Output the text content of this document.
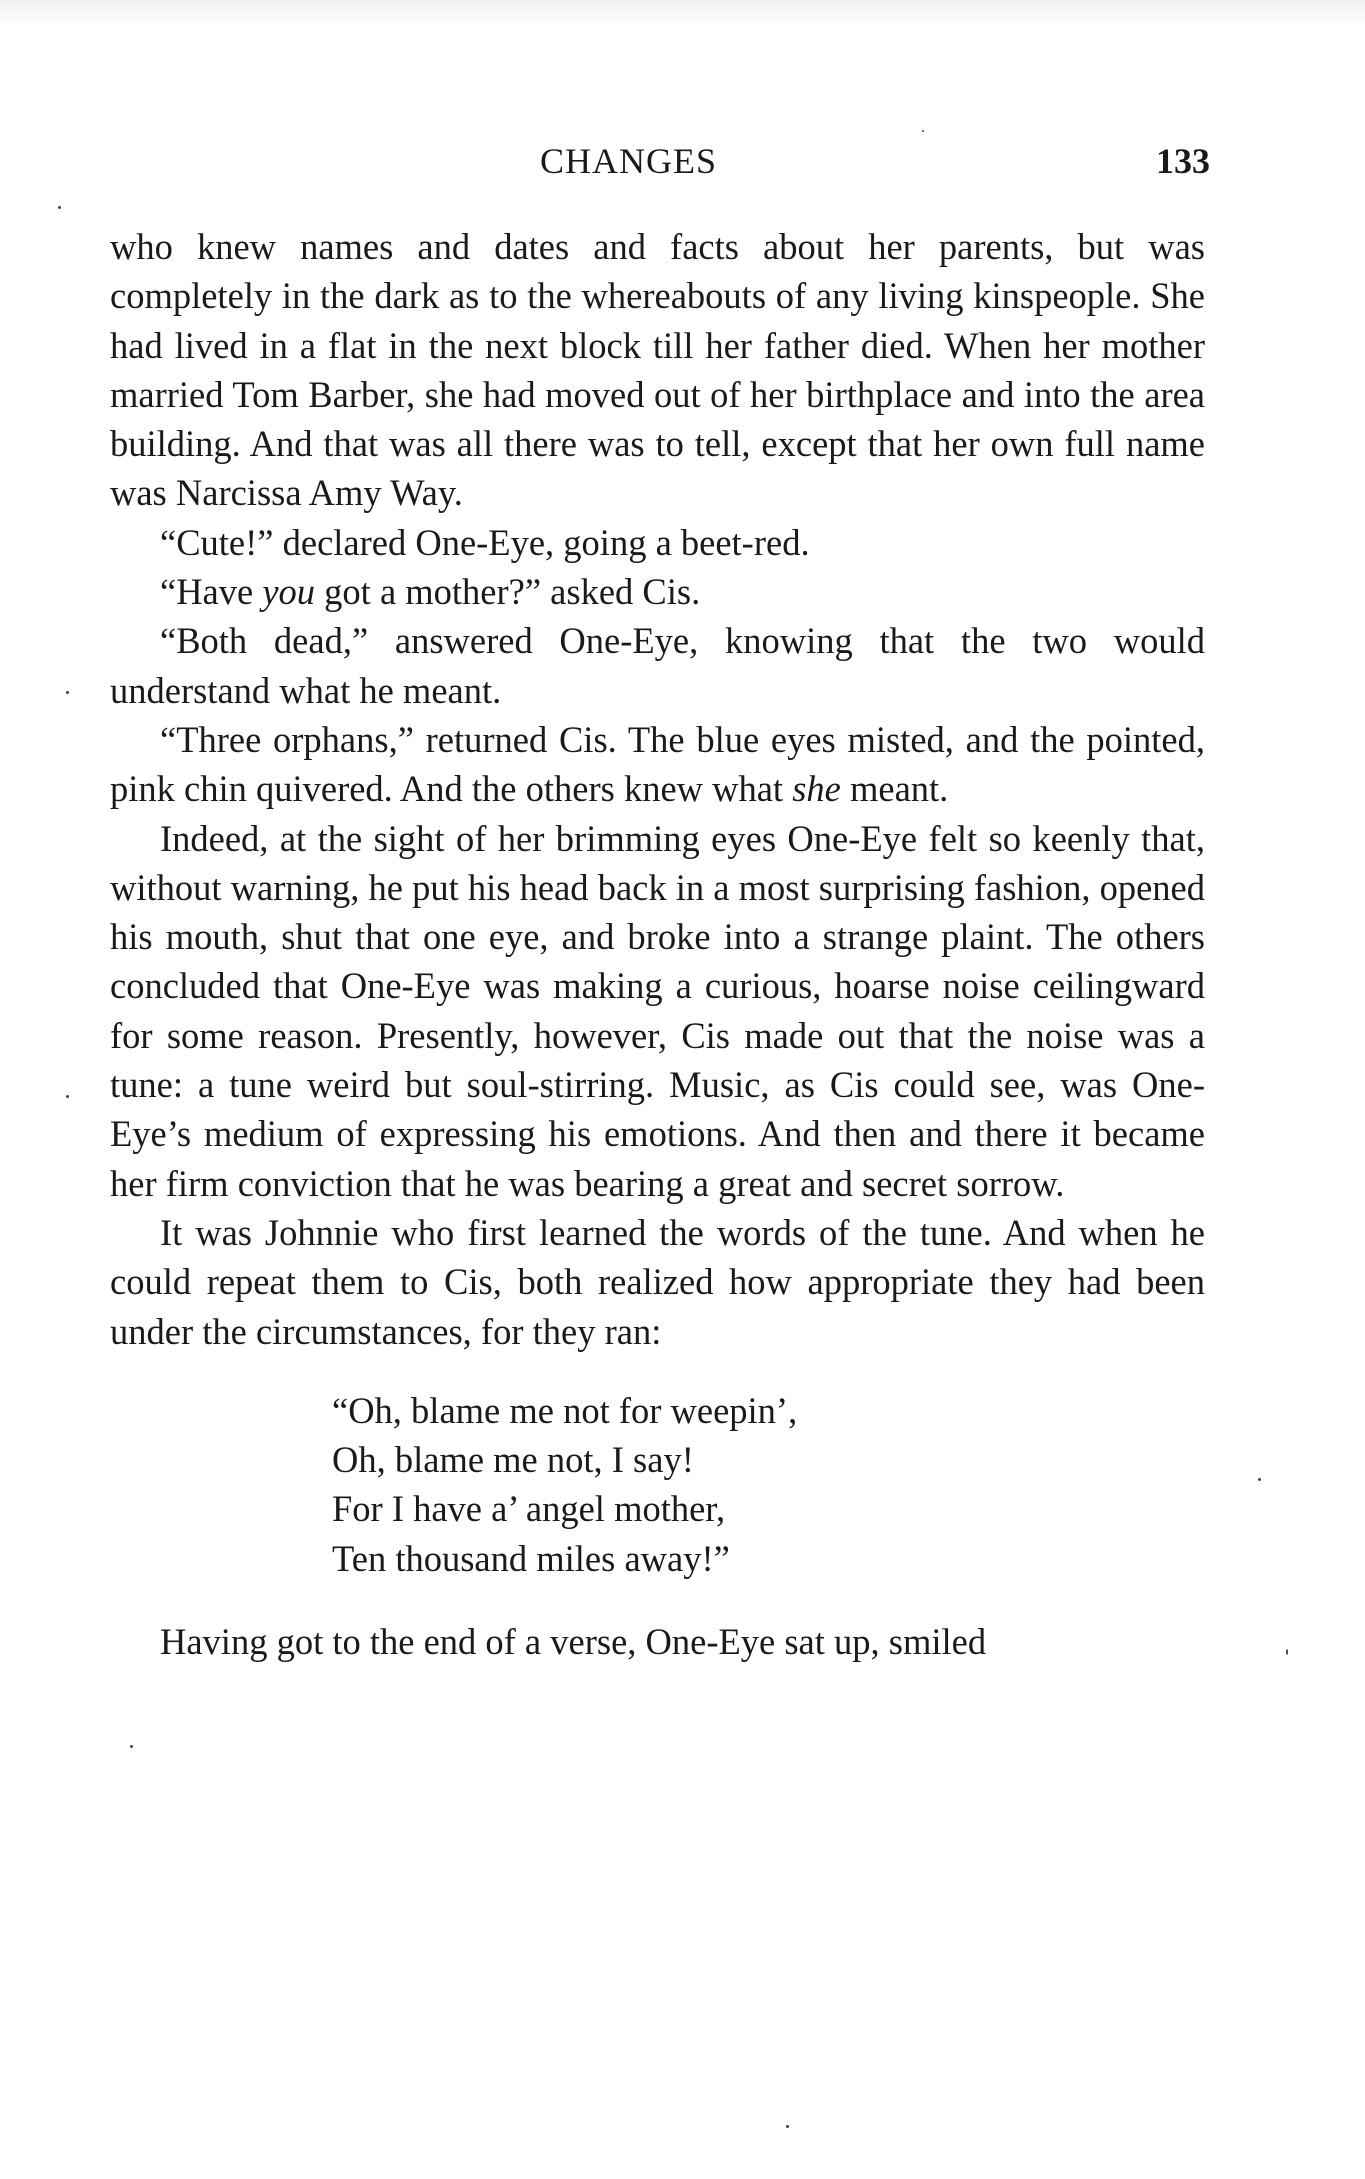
CHANGES	133

who knew names and dates and facts about her parents, but was completely in the dark as to the whereabouts of any living kinspeople. She had lived in a flat in the next block till her father died. When her mother married Tom Barber, she had moved out of her birthplace and into the area building. And that was all there was to tell, except that her own full name was Narcissa Amy Way.

“Cute!” declared One-Eye, going a beet-red.

“Have you got a mother?” asked Cis.

“Both dead,” answered One-Eye, knowing that the two would understand what he meant.

“Three orphans,” returned Cis. The blue eyes misted, and the pointed, pink chin quivered. And the others knew what she meant.

Indeed, at the sight of her brimming eyes One-Eye felt so keenly that, without warning, he put his head back in a most surprising fashion, opened his mouth, shut that one eye, and broke into a strange plaint. The others concluded that One-Eye was making a curious, hoarse noise ceilingward for some reason. Presently, however, Cis made out that the noise was a tune: a tune weird but soul-stirring. Music, as Cis could see, was One-Eye’s medium of expressing his emotions. And then and there it became her firm conviction that he was bearing a great and secret sorrow.

It was Johnnie who first learned the words of the tune. And when he could repeat them to Cis, both realized how appropriate they had been under the circumstances, for they ran:

“Oh, blame me not for weepin’,
Oh, blame me not, I say!
For I have a’ angel mother,
Ten thousand miles away!”

Having got to the end of a verse, One-Eye sat up, smiled
